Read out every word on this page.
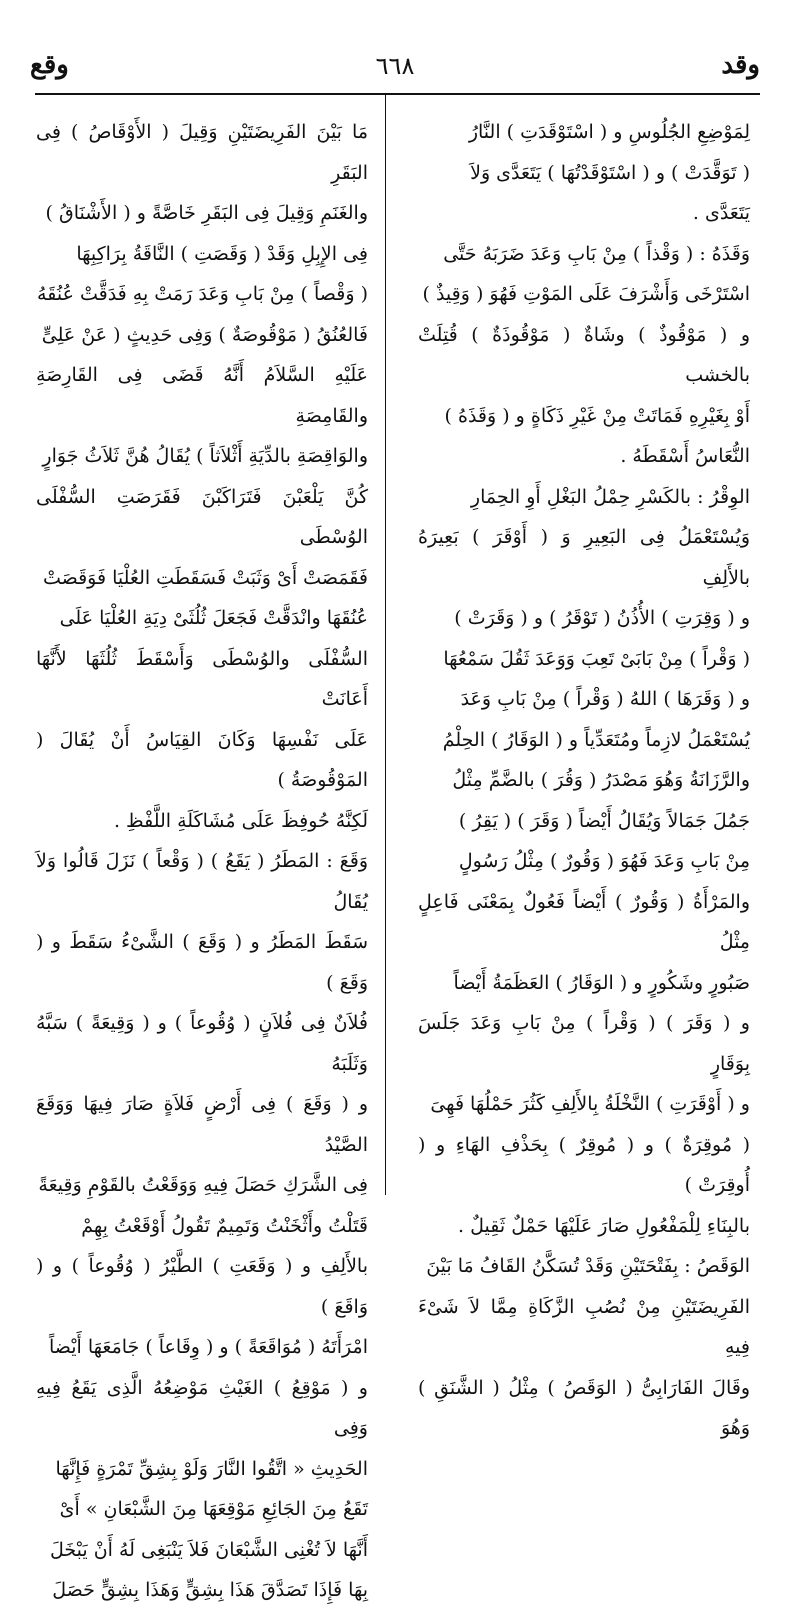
وقد
٦٦٨
وقع

لِمَوْضِعِ الجُلُوسِ و ( اسْتَوْقَدَتِ ) النَّارُ

( تَوَقَّدَتْ ) و ( اسْتَوْقَدْتُهَا ) يَتَعَدَّى وَلاَ

يَتَعَدَّى .

وَقَذَهُ : ( وَقْذاً ) مِنْ بَابِ وَعَدَ ضَرَبَهُ حَتَّى

اسْتَرْخَى وَأَشْرَفَ عَلَى المَوْتِ فَهُوَ ( وَقِيذٌ )

و ( مَوْقُوذٌ ) وشَاةٌ ( مَوْقُوذَةٌ ) قُتِلَتْ بالخشب

أَوْ بِغَيْرِهِ فَمَاتَتْ مِنْ غَيْرِ ذَكَاةٍ و ( وَقَذَهُ )

النُّعَاسُ أَسْقَطَهُ .

الوِقْرُ : بالكَسْرِ حِمْلُ البَغْلِ أَوِ الحِمَارِ

وَيُسْتَعْمَلُ فِى البَعِيرِ وَ ( أَوْقَرَ ) بَعِيرَهُ بالأَلِفِ

و ( وَقِرَتِ ) الأُذُنُ ( تَوْقَرُ ) و ( وَقَرَتْ )

( وَقْراً ) مِنْ بَابَىْ تَعِبَ وَوَعَدَ ثَقُلَ سَمْعُهَا

و ( وَقَرَهَا ) اللهُ ( وَقْراً ) مِنْ بَابِ وَعَدَ

يُسْتَعْمَلُ لازِماً ومُتَعَدِّياً و ( الوَقَارُ ) الحِلْمُ

والرَّزَانَةُ وَهُوَ مَصْدَرُ ( وَقُرَ ) بالضَّمِّ مِثْلُ

جَمُلَ جَمَالاً وَيُقَالُ أَيْضاً ( وَقَرَ ) ( يَقِرُ )

مِنْ بَابِ وَعَدَ فَهُوَ ( وَقُورٌ ) مِثْلُ رَسُولٍ

والمَرْأَةُ ( وَقُورٌ ) أَيْضاً فَعُولٌ بِمَعْنَى فَاعِلٍ مِثْلُ

صَبُورٍ وشَكُورٍ و ( الوَقَارُ ) العَظَمَةُ أَيْضاً

و ( وَقَرَ ) ( وَقْراً ) مِنْ بَابِ وَعَدَ جَلَسَ بِوَقَارٍ

و ( أَوْقَرَتِ ) النَّخْلَةُ بِالأَلِفِ كَثُرَ حَمْلُهَا فَهِىَ

( مُوقِرَةٌ ) و ( مُوقِرٌ ) بِحَذْفِ الهَاءِ و ( أُوقِرَتْ )

بالبِنَاءِ لِلْمَفْعُولِ صَارَ عَلَيْهَا حَمْلٌ ثَقِيلٌ .

الوَقَصُ : بِفَتْحَتَيْنِ وَقَدْ تُسَكَّنُ القَافُ مَا بَيْنَ

الفَرِيضَتَيْنِ مِنْ نُصُبِ الزَّكَاةِ مِمَّا لاَ شَىْءَ فِيهِ

وقَالَ الفَارَابِىُّ ( الوَقَصُ ) مِثْلُ ( الشَّنَقِ ) وَهُوَ

مَا بَيْنَ الفَرِيضَتَيْنِ وَقِيلَ ( الأَوْقَاصُ ) فِى البَقَرِ

والغَنَمِ وَقِيلَ فِى البَقَرِ خَاصَّةً و ( الأَشْنَاقُ )

فِى الإِبِلِ وَقَدْ ( وَقَصَتِ ) النَّاقَةُ بِرَاكِبِهَا

( وَقْصاً ) مِنْ بَابِ وَعَدَ رَمَتْ بِهِ فَدَقَّتْ عُنُقَهُ

فَالعُنُقُ ( مَوْقُوصَةٌ ) وَفِى حَدِيثٍ ( عَنْ عَلِىٍّ

عَلَيْهِ السَّلاَمُ أَنَّهُ قَضَى فِى القَارِصَةِ والقَامِصَةِ

والوَاقِصَةِ بالدِّيَةِ أَثْلاَثاً ) يُقَالُ هُنَّ ثَلاَثُ جَوَارٍ

كُنَّ يَلْعَبْنَ فَتَرَاكَبْنَ فَقَرَصَتِ السُّفْلَى الوُسْطَى

فَقَمَصَتْ أَىْ وَثَبَتْ فَسَقَطَتِ العُلْيَا فَوَقَصَتْ

عُنُقَهَا وانْدَقَّتْ فَجَعَلَ ثُلُثَىْ دِيَةِ العُلْيَا عَلَى

السُّفْلَى والوُسْطَى وَأَسْقَطَ ثُلُثَهَا لأَنَّهَا أَعَانَتْ

عَلَى نَفْسِهَا وَكَانَ القِيَاسُ أَنْ يُقَالَ ( المَوْقُوصَةُ )

لَكِنَّهُ حُوفِظَ عَلَى مُشَاكَلَةِ اللَّفْظِ .

وَقَعَ : المَطَرُ ( يَقَعُ ) ( وَقْعاً ) نَزَلَ قَالُوا وَلاَ يُقَالُ

سَقَطَ المَطَرُ و ( وَقَعَ ) الشَّىْءُ سَقَطَ و ( وَقَعَ )

فُلاَنٌ فِى فُلاَنٍ ( وُقُوعاً ) و ( وَقِيعَةً ) سَبَّهُ وَثَلَبَهُ

و ( وَقَعَ ) فِى أَرْضٍ فَلاَةٍ صَارَ فِيهَا وَوَقَعَ الصَّيْدُ

فِى الشَّرَكِ حَصَلَ فِيهِ وَوَقَعْتُ بالقَوْمِ وَقِيعَةً

قَتَلْتُ وأَثْخَنْتُ وَتَمِيمٌ تَقُولُ أَوْقَعْتُ بِهِمْ

بالأَلِفِ و ( وَقَعَتِ ) الطَّيْرُ ( وُقُوعاً ) و ( وَاقَعَ )

امْرَأَتَهُ ( مُوَاقَعَةً ) و ( وِقَاعاً ) جَامَعَهَا أَيْضاً

و ( مَوْقِعُ ) الغَيْثِ مَوْضِعُهُ الَّذِى يَقَعُ فِيهِ وَفِى

الحَدِيثِ « اتَّقُوا النَّارَ وَلَوْ بِشِقِّ تَمْرَةٍ فَإِنَّهَا

تَقَعُ مِنَ الجَائِعِ مَوْقِعَهَا مِنَ الشَّبْعَانِ » أَىْ

أَنَّهَا لاَ تُغْنِى الشَّبْعَانَ فَلاَ يَنْبَغِى لَهُ أَنْ يَبْخَلَ

بِهَا فَإِذَا تَصَدَّقَ هَذَا بِشِقٍّ وَهَذَا بِشِقٍّ حَصَلَ
